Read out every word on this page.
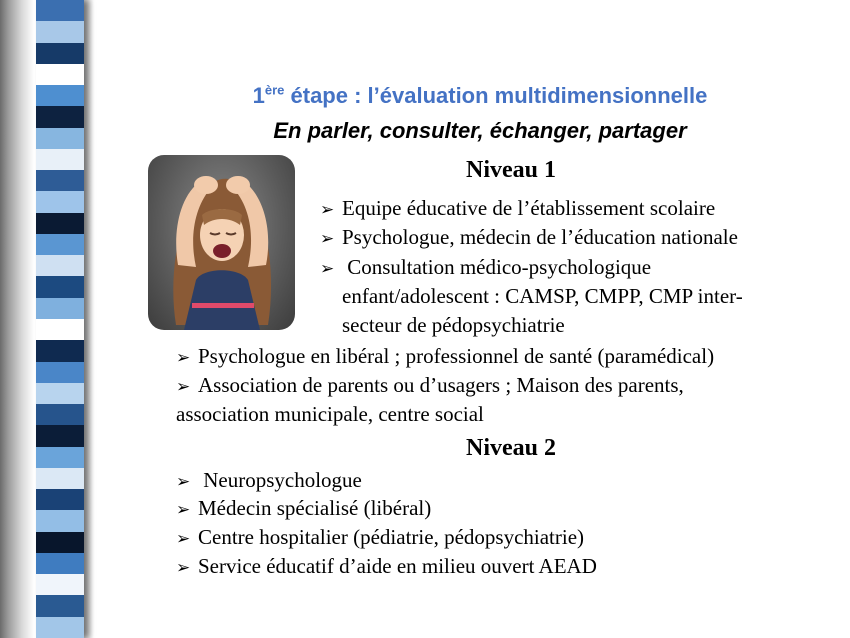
1ère étape : l’évaluation multidimensionnelle
En parler, consulter, échanger, partager
Niveau 1
➢ Equipe éducative de l’établissement scolaire
➢ Psychologue, médecin de l’éducation nationale
➢ Consultation médico-psychologique
enfant/adolescent : CAMSP, CMPP, CMP inter-
secteur de pédopsychiatrie
➢ Psychologue en libéral ; professionnel de santé (paramédical)
➢ Association de parents ou d’usagers ; Maison des parents,
association municipale, centre social
Niveau 2
➢ Neuropsychologue
➢ Médecin spécialisé (libéral)
➢ Centre hospitalier (pédiatrie, pédopsychiatrie)
➢ Service éducatif d’aide en milieu ouvert AEAD
